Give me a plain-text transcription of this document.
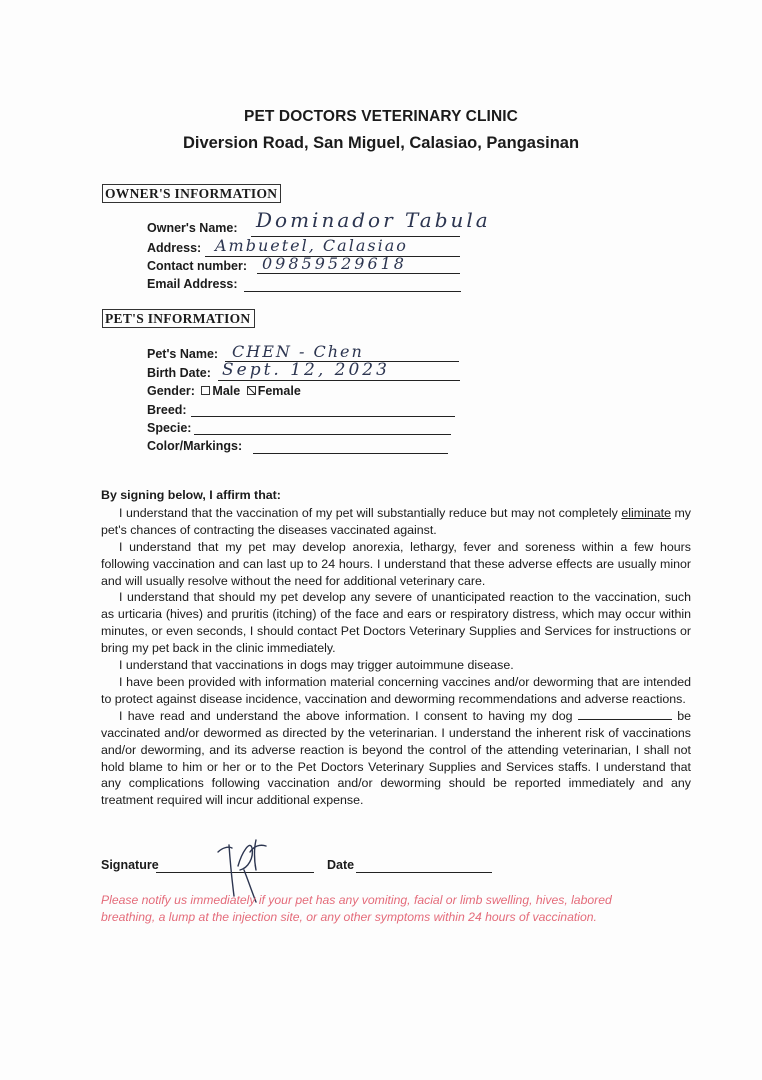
PET DOCTORS VETERINARY CLINIC
Diversion Road, San Miguel, Calasiao, Pangasinan
OWNER'S INFORMATION
Owner's Name: Dominador Tabula
Address: Ambuetel, Calasiao
Contact number: 09859529618
Email Address:
PET'S INFORMATION
Pet's Name: CHEN - Chen
Birth Date: Sept. 12, 2023
Gender: Male Female
Breed:
Specie:
Color/Markings:

By signing below, I affirm that:

I understand that the vaccination of my pet will substantially reduce but may not completely eliminate my pet's chances of contracting the diseases vaccinated against.

I understand that my pet may develop anorexia, lethargy, fever and soreness within a few hours following vaccination and can last up to 24 hours. I understand that these adverse effects are usually minor and will usually resolve without the need for additional veterinary care.

I understand that should my pet develop any severe of unanticipated reaction to the vaccination, such as urticaria (hives) and pruritis (itching) of the face and ears or respiratory distress, which may occur within minutes, or even seconds, I should contact Pet Doctors Veterinary Supplies and Services for instructions or bring my pet back in the clinic immediately.

I understand that vaccinations in dogs may trigger autoimmune disease.

I have been provided with information material concerning vaccines and/or deworming that are intended to protect against disease incidence, vaccination and deworming recommendations and adverse reactions.

I have read and understand the above information. I consent to having my dog	be vaccinated and/or dewormed as directed by the veterinarian. I understand the inherent risk of vaccinations and/or deworming, and its adverse reaction is beyond the control of the attending veterinarian, I shall not hold blame to him or her or to the Pet Doctors Veterinary Supplies and Services staffs. I understand that any complications following vaccination and/or deworming should be reported immediately and any treatment required will incur additional expense.

Signature	Date
Please notify us immediately if your pet has any vomiting, facial or limb swelling, hives, labored breathing, a lump at the injection site, or any other symptoms within 24 hours of vaccination.
